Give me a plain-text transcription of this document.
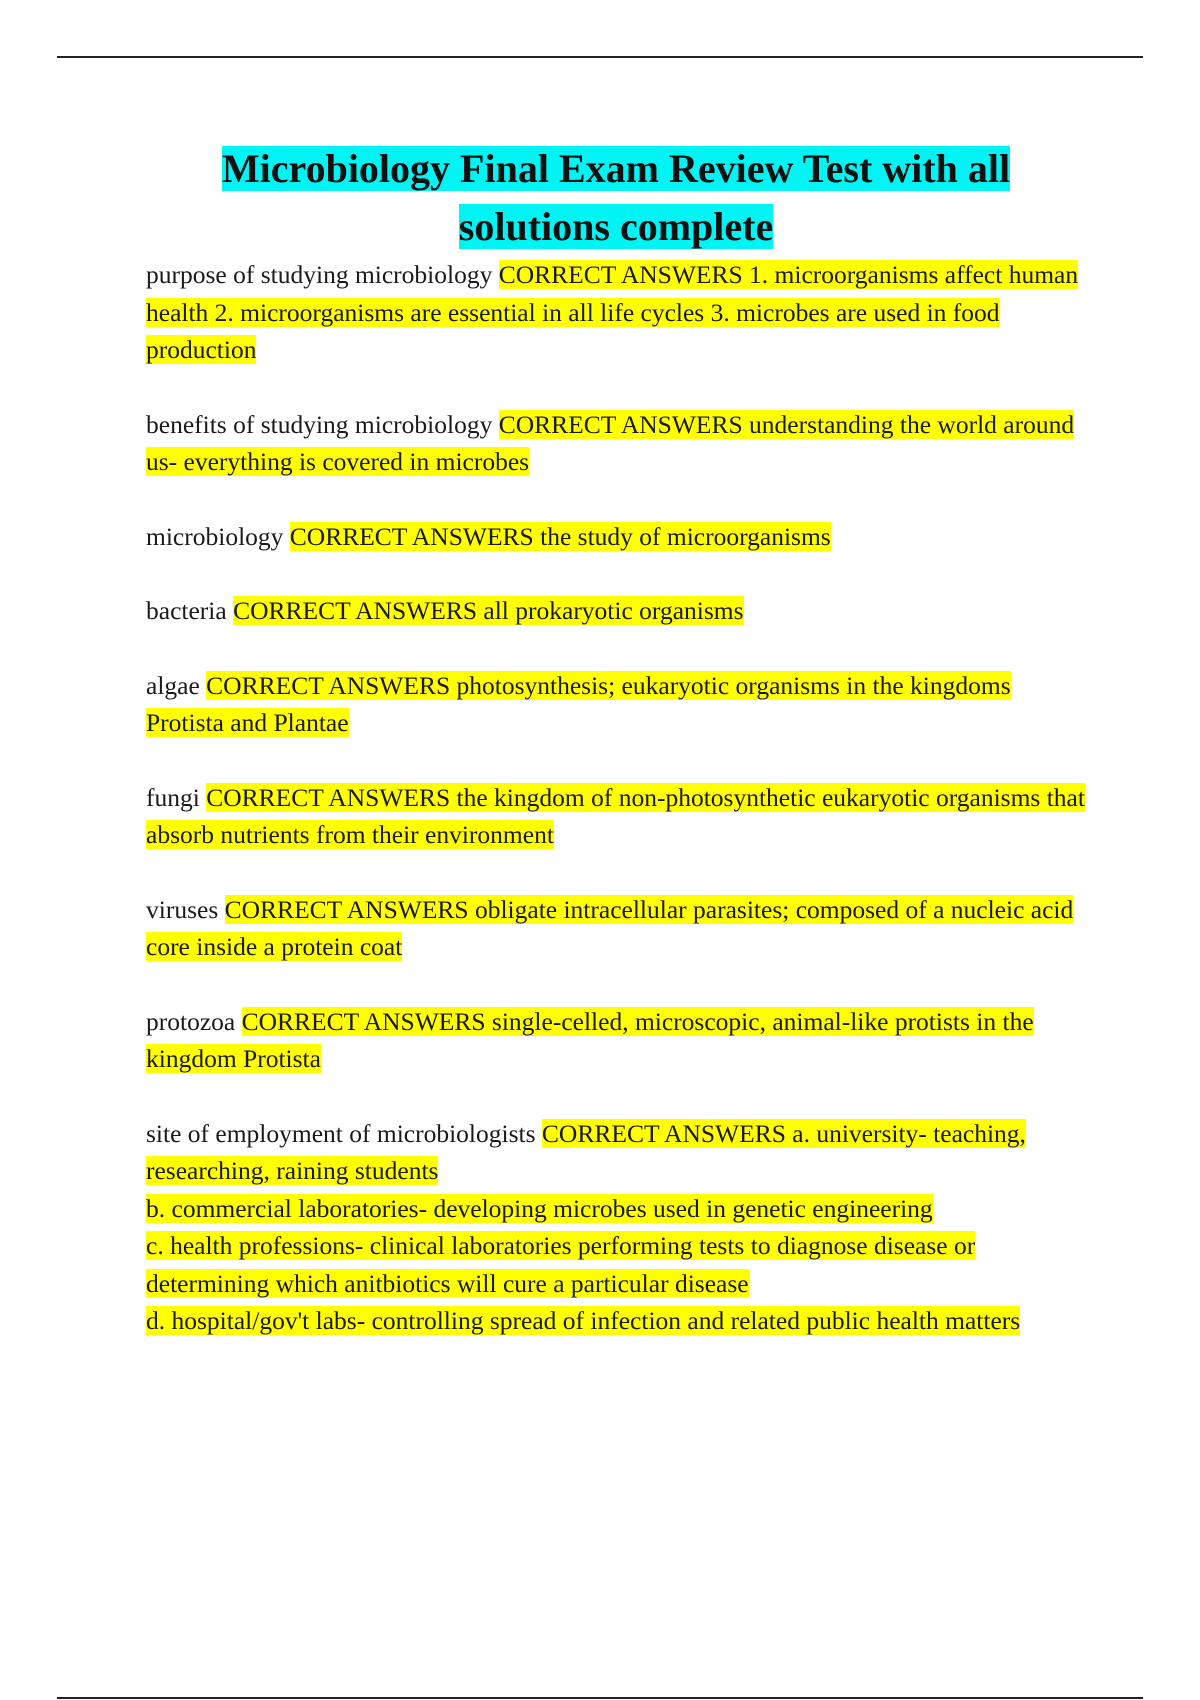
Microbiology Final Exam Review Test with all solutions complete

purpose of studying microbiology CORRECT ANSWERS 1. microorganisms affect human health 2. microorganisms are essential in all life cycles 3. microbes are used in food production

benefits of studying microbiology CORRECT ANSWERS understanding the world around us- everything is covered in microbes

microbiology CORRECT ANSWERS the study of microorganisms

bacteria CORRECT ANSWERS all prokaryotic organisms

algae CORRECT ANSWERS photosynthesis; eukaryotic organisms in the kingdoms Protista and Plantae

fungi CORRECT ANSWERS the kingdom of non-photosynthetic eukaryotic organisms that absorb nutrients from their environment

viruses CORRECT ANSWERS obligate intracellular parasites; composed of a nucleic acid core inside a protein coat

protozoa CORRECT ANSWERS single-celled, microscopic, animal-like protists in the kingdom Protista

site of employment of microbiologists CORRECT ANSWERS a. university- teaching, researching, raining students
b. commercial laboratories- developing microbes used in genetic engineering
c. health professions- clinical laboratories performing tests to diagnose disease or determining which anitbiotics will cure a particular disease
d. hospital/gov't labs- controlling spread of infection and related public health matters
